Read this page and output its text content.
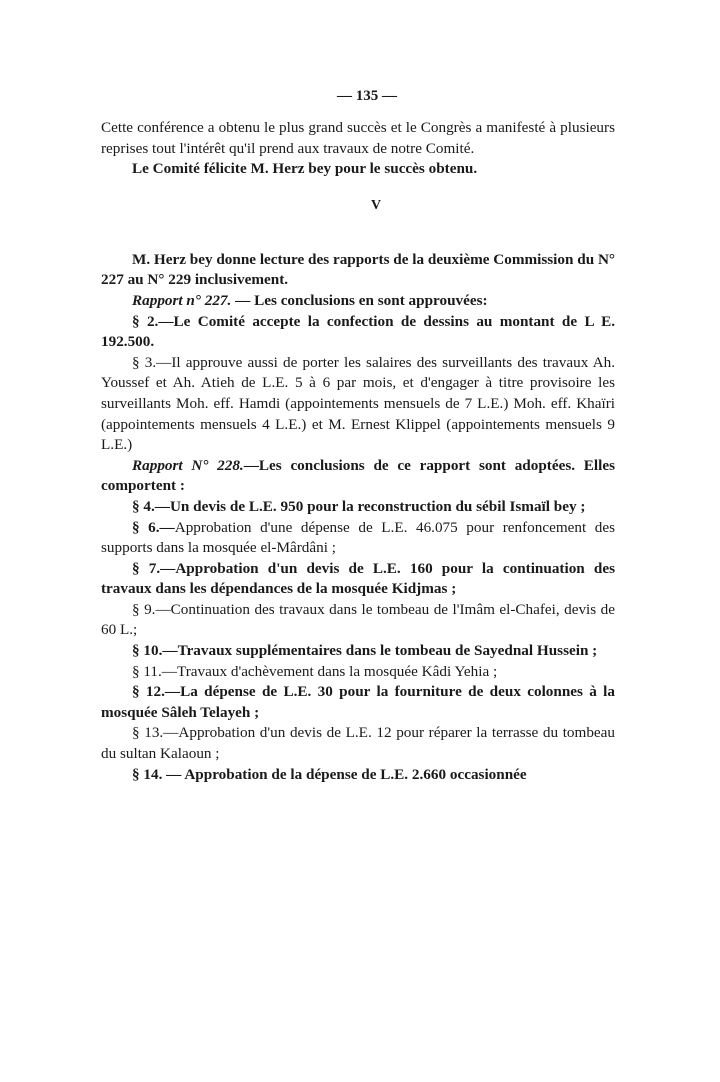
— 135 —

Cette conférence a obtenu le plus grand succès et le Congrès a manifesté à plusieurs reprises tout l'intérêt qu'il prend aux travaux de notre Comité.

Le Comité félicite M. Herz bey pour le succès obtenu.

V

M. Herz bey donne lecture des rapports de la deuxième Commission du N° 227 au N° 229 inclusivement.

Rapport n° 227. — Les conclusions en sont approuvées:

§ 2.—Le Comité accepte la confection de dessins au montant de L E. 192.500.

§ 3.—Il approuve aussi de porter les salaires des surveillants des travaux Ah. Youssef et Ah. Atieh de L.E. 5 à 6 par mois, et d'engager à titre provisoire les surveillants Moh. eff. Hamdi (appointements mensuels de 7 L.E.) Moh. eff. Khaïri (appointements mensuels 4 L.E.) et M. Ernest Klippel (appointements mensuels 9 L.E.)

Rapport N° 228.—Les conclusions de ce rapport sont adoptées. Elles comportent :

§ 4.—Un devis de L.E. 950 pour la reconstruction du sébil Ismaïl bey ;

§ 6.—Approbation d'une dépense de L.E. 46.075 pour renfoncement des supports dans la mosquée el-Mârdâni ;

§ 7.—Approbation d'un devis de L.E. 160 pour la continuation des travaux dans les dépendances de la mosquée Kidjmas ;

§ 9.—Continuation des travaux dans le tombeau de l'Imâm el-Chafei, devis de 60 L.;

§ 10.—Travaux supplémentaires dans le tombeau de Sayednal Hussein ;

§ 11.—Travaux d'achèvement dans la mosquée Kâdi Yehia ;

§ 12.—La dépense de L.E. 30 pour la fourniture de deux colonnes à la mosquée Sâleh Telayeh ;

§ 13.—Approbation d'un devis de L.E. 12 pour réparer la terrasse du tombeau du sultan Kalaoun ;

§ 14. — Approbation de la dépense de L.E. 2.660 occasionnée
